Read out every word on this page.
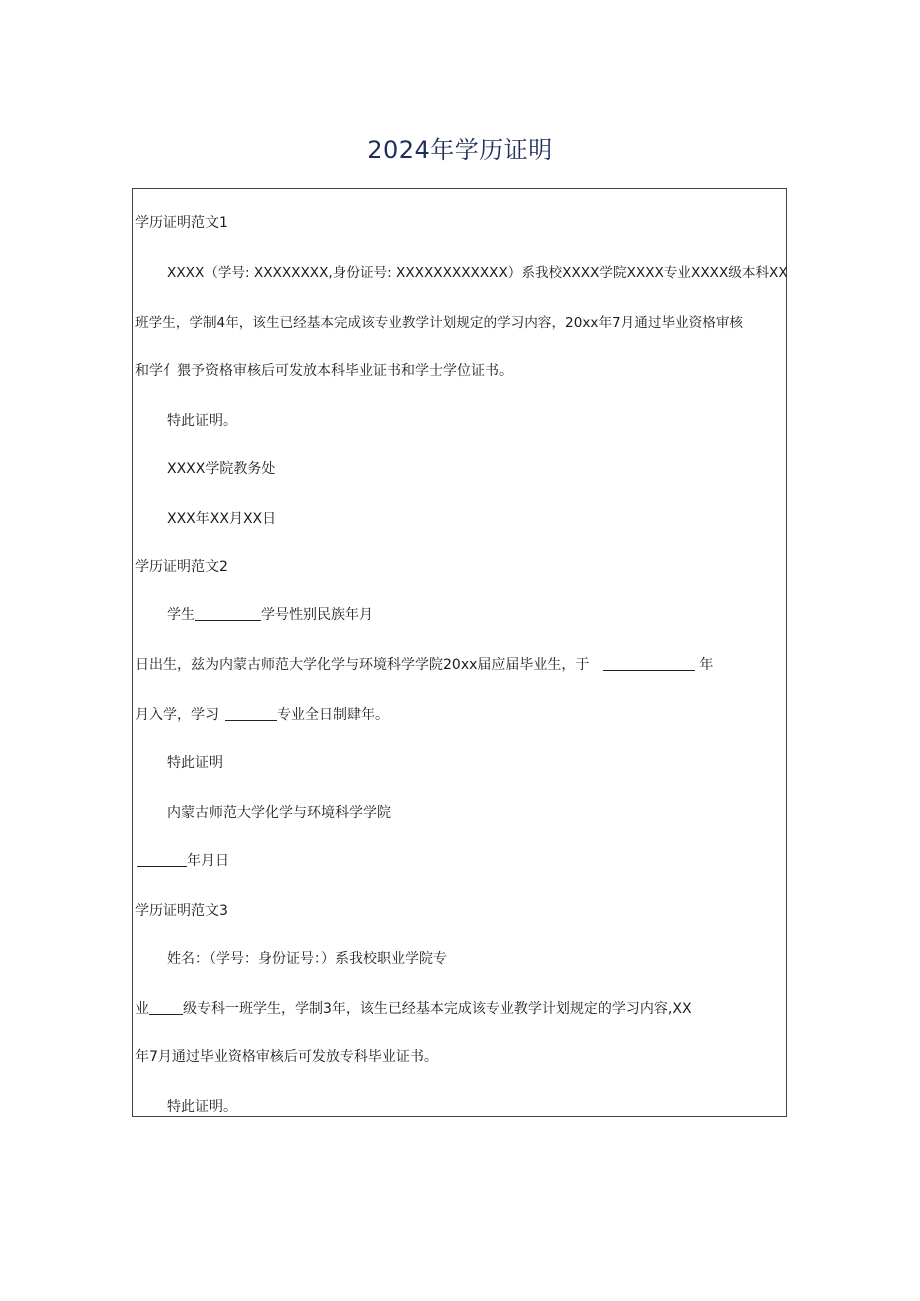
2024年学历证明
学历证明范文1
XXXX（学号: XXXXXXXX,身份证号: XXXXXXXXXXXX）系我校XXXX学院XXXX专业XXXX级本科XX
班学生，学制4年，该生已经基本完成该专业教学计划规定的学习内容，20xx年7月通过毕业资格审核
和学亻猥予资格审核后可发放本科毕业证书和学士学位证书。
特此证明。
XXXX学院教务处
XXX年XX月XX日
学历证明范文2
学生	学号性别民族年月
日出生，兹为内蒙古师范大学化学与环境科学学院20xx届应届毕业生，于	年
月入学，学习	专业全日制肆年。
特此证明
内蒙古师范大学化学与环境科学学院
年月日
学历证明范文3
姓名：（学号：身份证号：）系我校职业学院专
业 级专科一班学生，学制3年，该生已经基本完成该专业教学计划规定的学习内容,XX
年7月通过毕业资格审核后可发放专科毕业证书。
特此证明。
